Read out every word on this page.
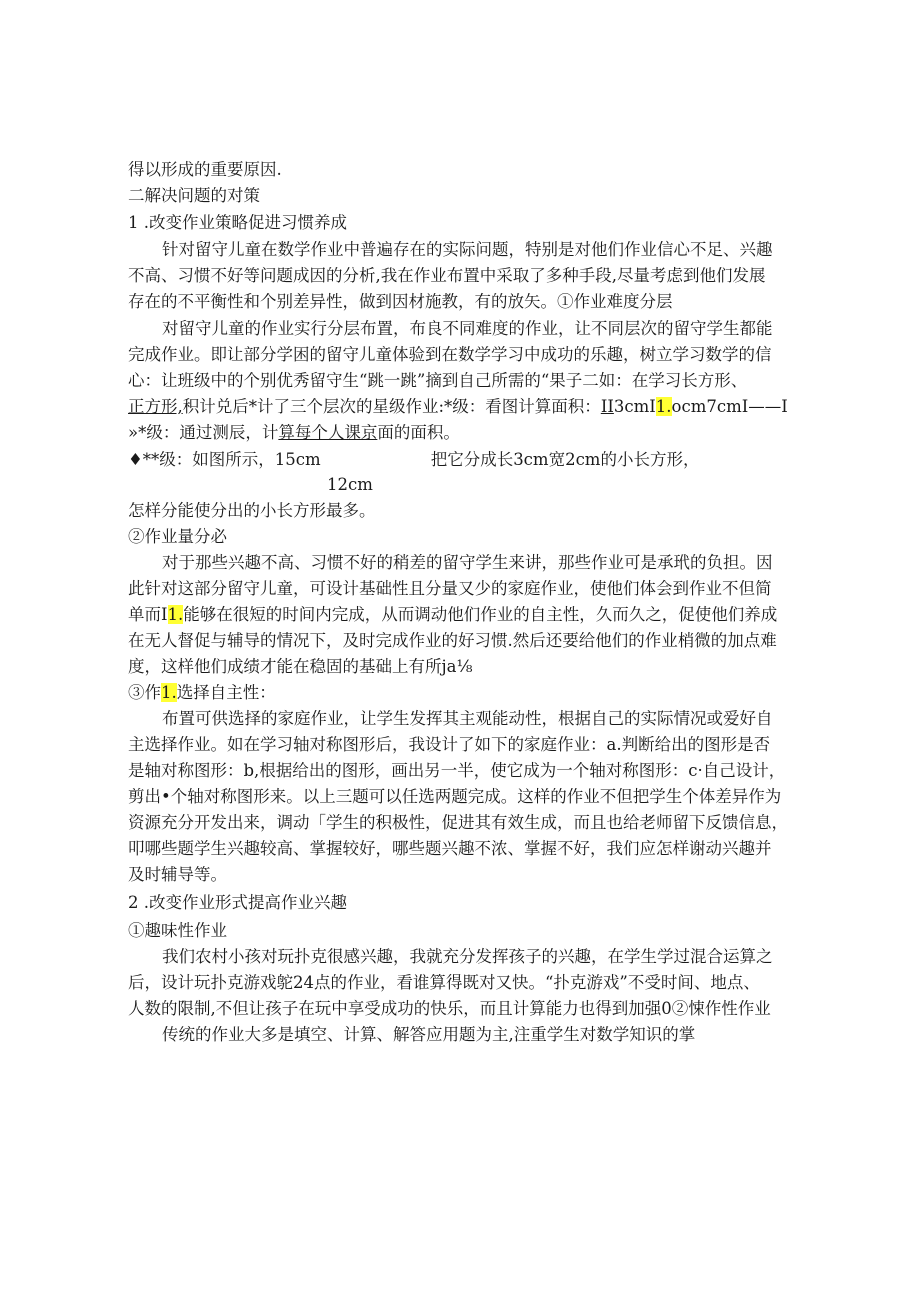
得以形成的重要原因.
二解决问题的对策
1 .改变作业策略促进习惯养成
针对留守儿童在数学作业中普遍存在的实际问题，特别是对他们作业信心不足、兴趣
不高、习惯不好等问题成因的分析,我在作业布置中采取了多种手段,尽量考虑到他们发展
存在的不平衡性和个别差异性，做到因材施教，有的放矢。①作业难度分层
对留守儿童的作业实行分层布置，布良不同难度的作业，让不同层次的留守学生都能
完成作业。即让部分学困的留守儿童体验到在数学学习中成功的乐趣，树立学习数学的信
心：让班级中的个别优秀留守生“跳一跳”摘到自己所需的“果子二如：在学习长方形、
正方形,积计兑后*计了三个层次的星级作业:*级：看图计算面积：II3cmI1.ocm7cmI——I
»*级：通过测辰，计算每个人课京面的面积。
♦**级：如图所示，15cm	把它分成长3cm宽2cm的小长方形，
12cm
怎样分能使分出的小长方形最多。
②作业量分必
对于那些兴趣不高、习惯不好的稍差的留守学生来讲，那些作业可是承玳的负担。因
此针对这部分留守儿童，可设计基础性且分量又少的家庭作业，使他们体会到作业不但简
单而I1.能够在很短的时间内完成，从而调动他们作业的自主性，久而久之，促使他们养成
在无人督促与辅导的情况下，及时完成作业的好习惯.然后还要给他们的作业梢微的加点难
度，这样他们成绩才能在稳固的基础上有所ja⅛
③作1.选择自主性：
布置可供选择的家庭作业，让学生发挥其主观能动性，根据自己的实际情况或爱好自
主选择作业。如在学习轴对称图形后，我设计了如下的家庭作业：a.判断给出的图形是否
是轴对称图形：b,根据给出的图形，画出另一半，使它成为一个轴对称图形：c·自己设计，
剪出•个轴对称图形来。以上三题可以任选两题完成。这样的作业不但把学生个体差异作为
资源充分开发出来，调动「学生的积极性，促进其有效生成，而且也给老师留下反馈信息，
叩哪些题学生兴趣较高、掌握较好，哪些题兴趣不浓、掌握不好，我们应怎样谢动兴趣并
及时辅导等。
2 .改变作业形式提高作业兴趣
①趣味性作业
我们农村小孩对玩扑克很感兴趣，我就充分发挥孩子的兴趣，在学生学过混合运算之
后，设计玩扑克游戏鸵24点的作业，看谁算得既对又快。“扑克游戏”不受时间、地点、
人数的限制,不但让孩子在玩中享受成功的快乐，而且计算能力也得到加强0②悚作性作业
传统的作业大多是填空、计算、解答应用题为主,注重学生对数学知识的掌
